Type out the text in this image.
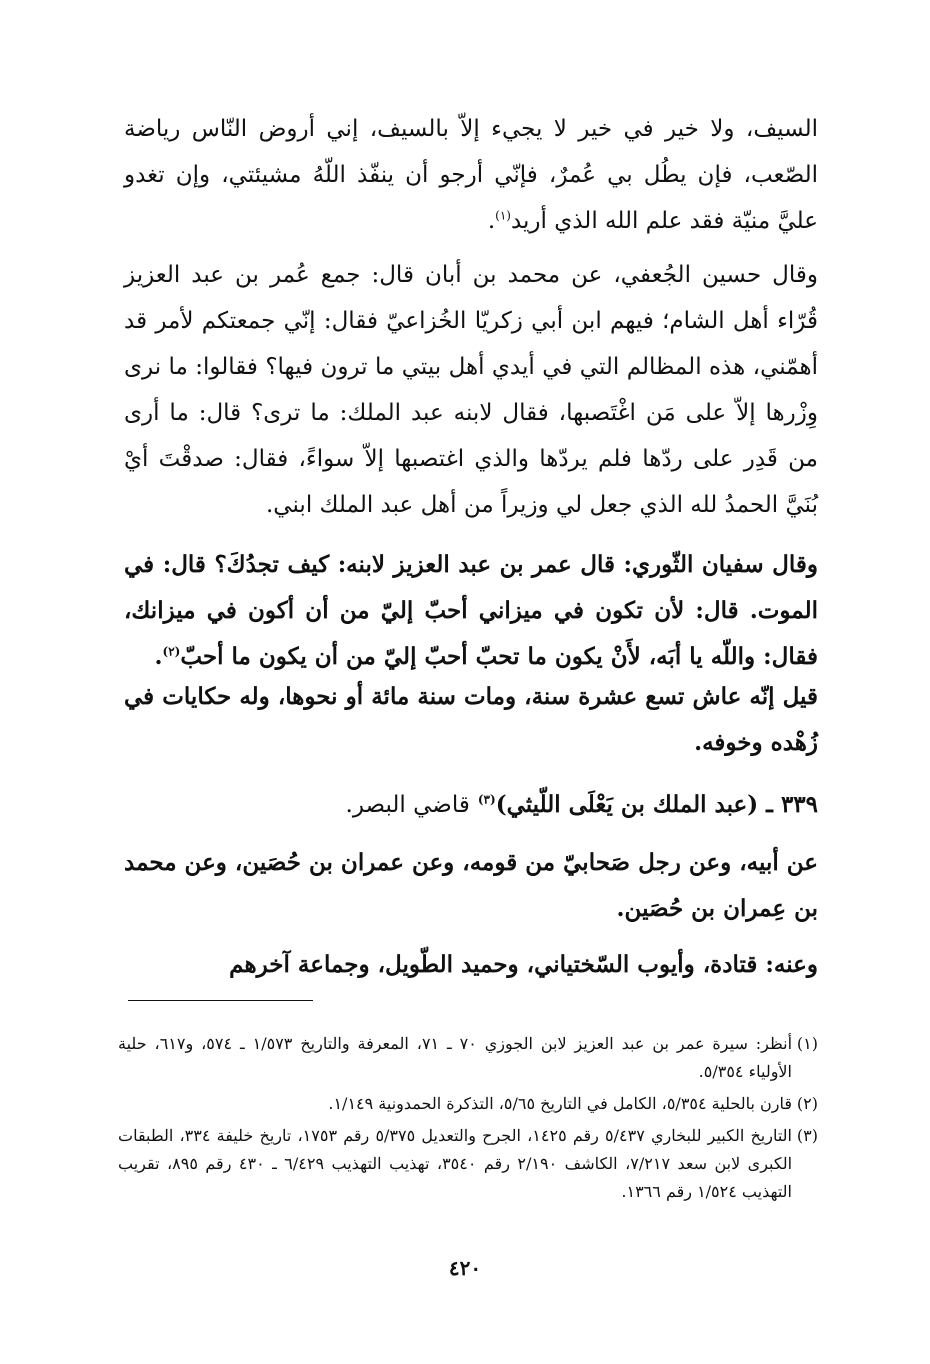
السيف، ولا خير في خير لا يجيء إلاّ بالسيف، إني أروض النّاس رياضة الصّعب، فإن يطُل بي عُمرٌ، فإنّي أرجو أن ينفّذ اللّهُ مشيئتي، وإن تغدو عليَّ منيّة فقد علم الله الذي أريد$^{(١)}$.

وقال حسين الجُعفي، عن محمد بن أبان قال: جمع عُمر بن عبد العزيز قُرّاء أهل الشام؛ فيهم ابن أبي زكريّا الخُزاعيّ فقال: إنّي جمعتكم لأمر قد أهمّني، هذه المظالم التي في أيدي أهل بيتي ما ترون فيها؟ فقالوا: ما نرى وِزْرها إلاّ على مَن اغْتَصبها، فقال لابنه عبد الملك: ما ترى؟ قال: ما أرى من قَدِر على ردّها فلم يردّها والذي اغتصبها إلاّ سواءً، فقال: صدقْتَ أيْ بُنَيَّ الحمدُ لله الذي جعل لي وزيراً من أهل عبد الملك ابني.

وقال سفيان الثّوري: قال عمر بن عبد العزيز لابنه: كيف تجدُكَ؟ قال: في الموت. قال: لأن تكون في ميزاني أحبّ إليّ من أن أكون في ميزانك، فقال: واللّه يا أبَه، لأَنْ يكون ما تحبّ أحبّ إليّ من أن يكون ما أحبّ$^{(٢)}$.

قيل إنّه عاش تسع عشرة سنة، ومات سنة مائة أو نحوها، وله حكايات في زُهْده وخوفه.

٣٣٩ ـ (عبد الملك بن يَعْلَى اللّيثي)$^{(٣)}$ قاضي البصر.

عن أبيه، وعن رجل صَحابيّ من قومه، وعن عمران بن حُصَين، وعن محمد بن عِمران بن حُصَين.

وعنه: قتادة، وأيوب السّختياني، وحميد الطّويل، وجماعة آخرهم

(١)
أنظر: سيرة عمر بن عبد العزيز لابن الجوزي ٧٠ ـ ٧١، المعرفة والتاريخ ١/٥٧٣ ـ ٥٧٤، و٦١٧، حلية الأولياء ٥/٣٥٤.
(٢)
قارن بالحلية ٥/٣٥٤، الكامل في التاريخ ٥/٦٥، التذكرة الحمدونية ١/١٤٩.
(٣)
التاريخ الكبير للبخاري ٥/٤٣٧ رقم ١٤٢٥، الجرح والتعديل ٥/٣٧٥ رقم ١٧٥٣، تاريخ خليفة ٣٣٤، الطبقات الكبرى لابن سعد ٧/٢١٧، الكاشف ٢/١٩٠ رقم ٣٥٤٠، تهذيب التهذيب ٦/٤٢٩ ـ ٤٣٠ رقم ٨٩٥، تقريب التهذيب ١/٥٢٤ رقم ١٣٦٦.
٤٢٠
